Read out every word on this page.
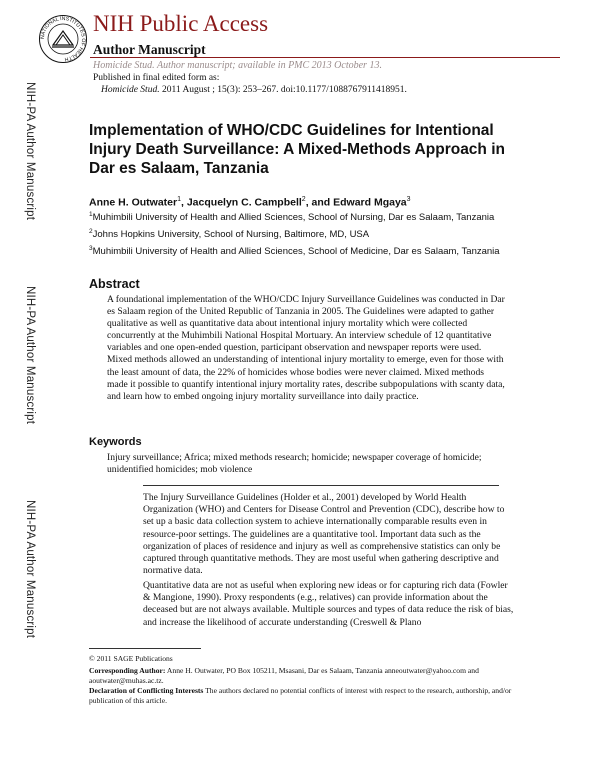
NATIONAL INSTITUTES OF HEALTH
NIH Public Access
Author Manuscript
Homicide Stud. Author manuscript; available in PMC 2013 October 13.
NIH-PA Author Manuscript
NIH-PA Author Manuscript
NIH-PA Author Manuscript
Published in final edited form as:
Homicide Stud. 2011 August ; 15(3): 253–267. doi:10.1177/1088767911418951.
Implementation of WHO/CDC Guidelines for Intentional Injury Death Surveillance: A Mixed-Methods Approach in Dar es Salaam, Tanzania
Anne H. Outwater$^1$, Jacquelyn C. Campbell$^2$, and Edward Mgaya$^3$
$^1$Muhimbili University of Health and Allied Sciences, School of Nursing, Dar es Salaam, Tanzania
$^2$Johns Hopkins University, School of Nursing, Baltimore, MD, USA
$^3$Muhimbili University of Health and Allied Sciences, School of Medicine, Dar es Salaam, Tanzania
Abstract

A foundational implementation of the WHO/CDC Injury Surveillance Guidelines was conducted in Dar es Salaam region of the United Republic of Tanzania in 2005. The Guidelines were adapted to gather qualitative as well as quantitative data about intentional injury mortality which were collected concurrently at the Muhimbili National Hospital Mortuary. An interview schedule of 12 quantitative variables and one open-ended question, participant observation and newspaper reports were used. Mixed methods allowed an understanding of intentional injury mortality to emerge, even for those with the least amount of data, the 22% of homicides whose bodies were never claimed. Mixed methods made it possible to quantify intentional injury mortality rates, describe subpopulations with scanty data, and learn how to embed ongoing injury mortality surveillance into daily practice.

Keywords

Injury surveillance; Africa; mixed methods research; homicide; newspaper coverage of homicide; unidentified homicides; mob violence

The Injury Surveillance Guidelines (Holder et al., 2001) developed by World Health Organization (WHO) and Centers for Disease Control and Prevention (CDC), describe how to set up a basic data collection system to achieve internationally comparable results even in resource-poor settings. The guidelines are a quantitative tool. Important data such as the organization of places of residence and injury as well as comprehensive statistics can only be captured through quantitative methods. They are most useful when gathering descriptive and normative data.

Quantitative data are not as useful when exploring new ideas or for capturing rich data (Fowler & Mangione, 1990). Proxy respondents (e.g., relatives) can provide information about the deceased but are not always available. Multiple sources and types of data reduce the risk of bias, and increase the likelihood of accurate understanding (Creswell & Plano

© 2011 SAGE Publications
Corresponding Author: Anne H. Outwater, PO Box 105211, Msasani, Dar es Salaam, Tanzania anneoutwater@yahoo.com and aoutwater@muhas.ac.tz.
Declaration of Conflicting Interests The authors declared no potential conflicts of interest with respect to the research, authorship, and/or publication of this article.
